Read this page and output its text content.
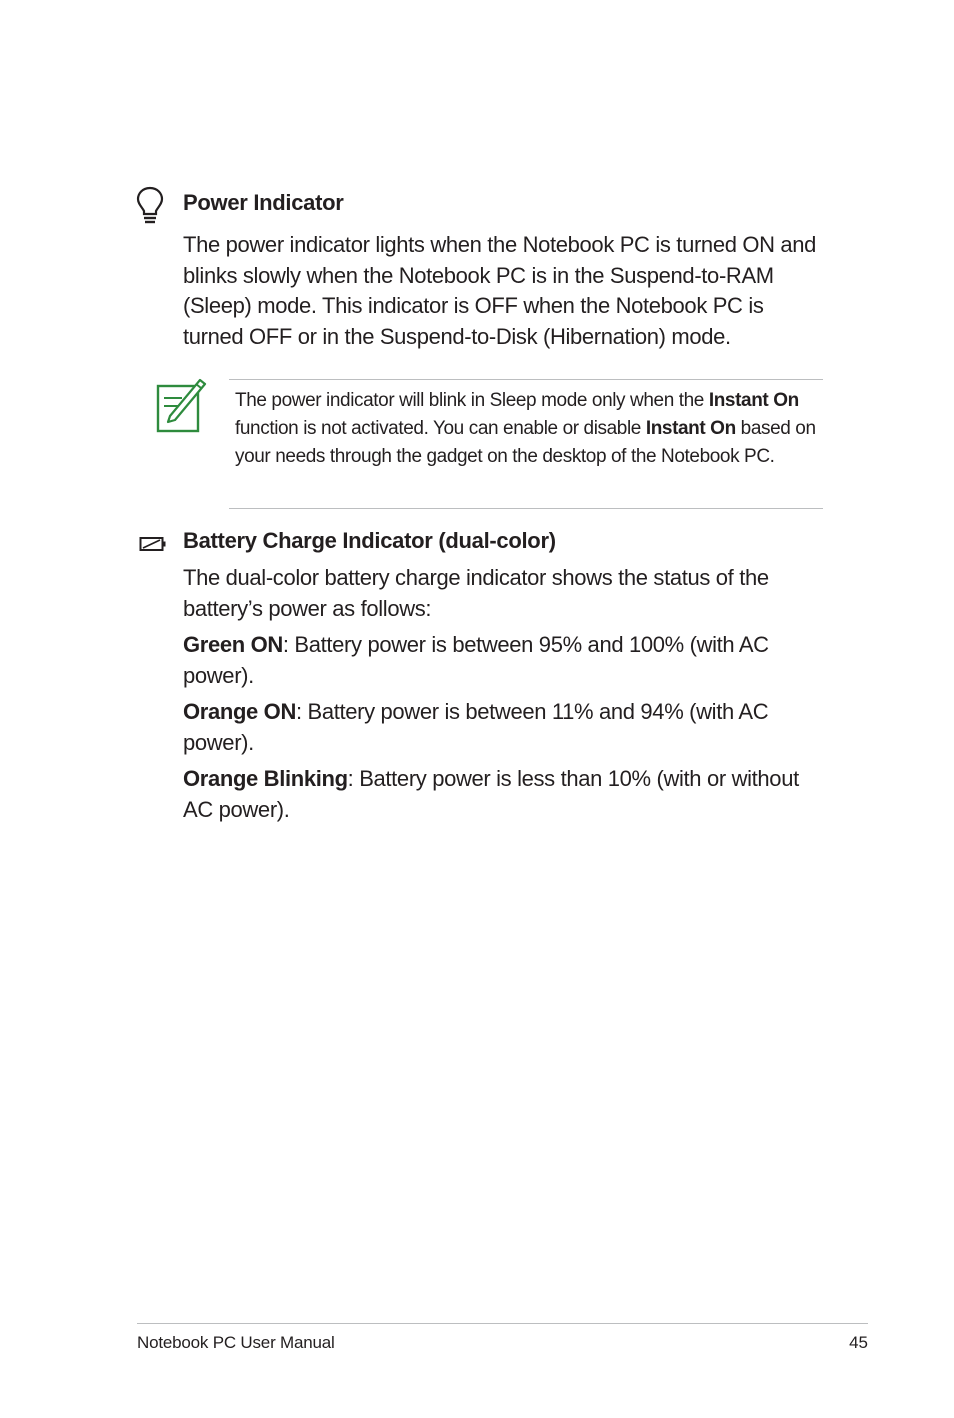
Power Indicator
The power indicator lights when the Notebook PC is turned ON and blinks slowly when the Notebook PC is in the Suspend-to-RAM (Sleep) mode. This indicator is OFF when the Notebook PC is turned OFF or in the Suspend-to-Disk (Hibernation) mode.
The power indicator will blink in Sleep mode only when the Instant On function is not activated. You can enable or disable Instant On based on your needs through the gadget on the desktop of the Notebook PC.
Battery Charge Indicator (dual-color)
The dual-color battery charge indicator shows the status of the battery’s power as follows:

Green ON: Battery power is between 95% and 100% (with AC power).

Orange ON: Battery power is between 11% and 94% (with AC power).

Orange Blinking: Battery power is less than 10% (with or without AC power).

Notebook PC User Manual	45
